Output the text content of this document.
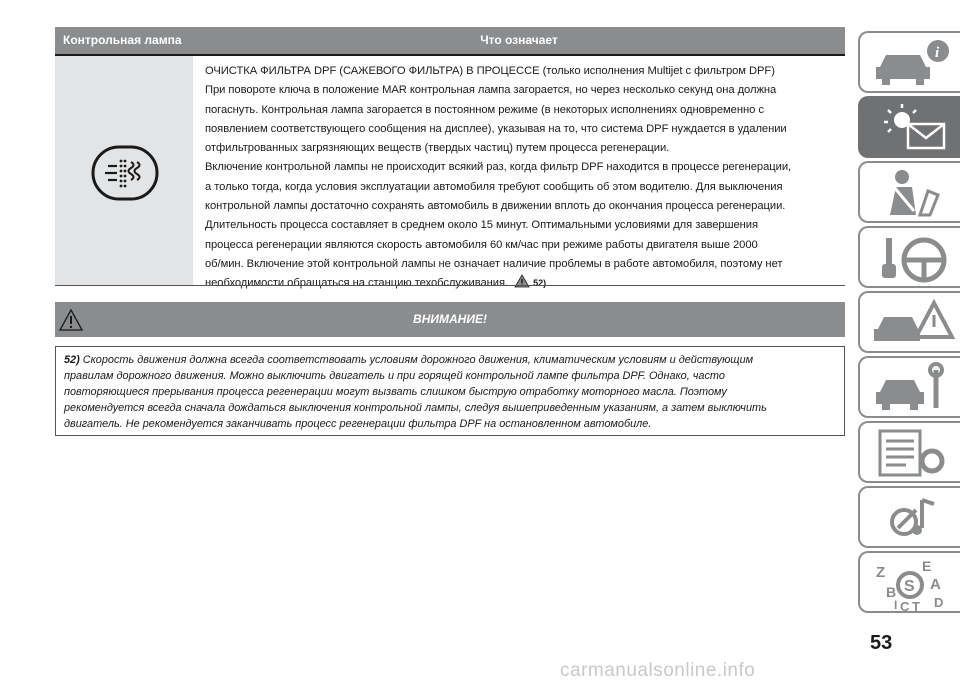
Контрольная лампа	Что означает

ОЧИСТКА ФИЛЬТРА DPF (САЖЕВОГО ФИЛЬТРА) В ПРОЦЕССЕ (только исполнения Multijet с фильтром DPF)

При повороте ключа в положение MAR контрольная лампа загорается, но через несколько секунд она должна

погаснуть. Контрольная лампа загорается в постоянном режиме (в некоторых исполнениях одновременно с

появлением соответствующего сообщения на дисплее), указывая на то, что система DPF нуждается в удалении

отфильтрованных загрязняющих веществ (твердых частиц) путем процесса регенерации.

Включение контрольной лампы не происходит всякий раз, когда фильтр DPF находится в процессе регенерации,

а только тогда, когда условия эксплуатации автомобиля требуют сообщить об этом водителю. Для выключения

контрольной лампы достаточно сохранять автомобиль в движении вплоть до окончания процесса регенерации.

Длительность процесса составляет в среднем около 15 минут. Оптимальными условиями для завершения

процесса регенерации являются скорость автомобиля 60 км/час при режиме работы двигателя выше 2000

об/мин. Включение этой контрольной лампы не означает наличие проблемы в работе автомобиля, поэтому нет

необходимости обращаться на станцию техобслуживания.	52)

ВНИМАНИЕ!
52) Скорость движения должна всегда соответствовать условиям дорожного движения, климатическим условиям и действующим
правилам дорожного движения. Можно выключить двигатель и при горящей контрольной лампе фильтра DPF. Однако, часто
повторяющиеся прерывания процесса регенерации могут вызвать слишком быструю отработку моторного масла. Поэтому
рекомендуется всегда сначала дождаться выключения контрольной лампы, следуя вышеприведенным указаниям, а затем выключить
двигатель. Не рекомендуется заканчивать процесс регенерации фильтра DPF на остановленном автомобиле.
i
Z	E
A
B
D
C T
I
S
53
carmanualsonline.info
